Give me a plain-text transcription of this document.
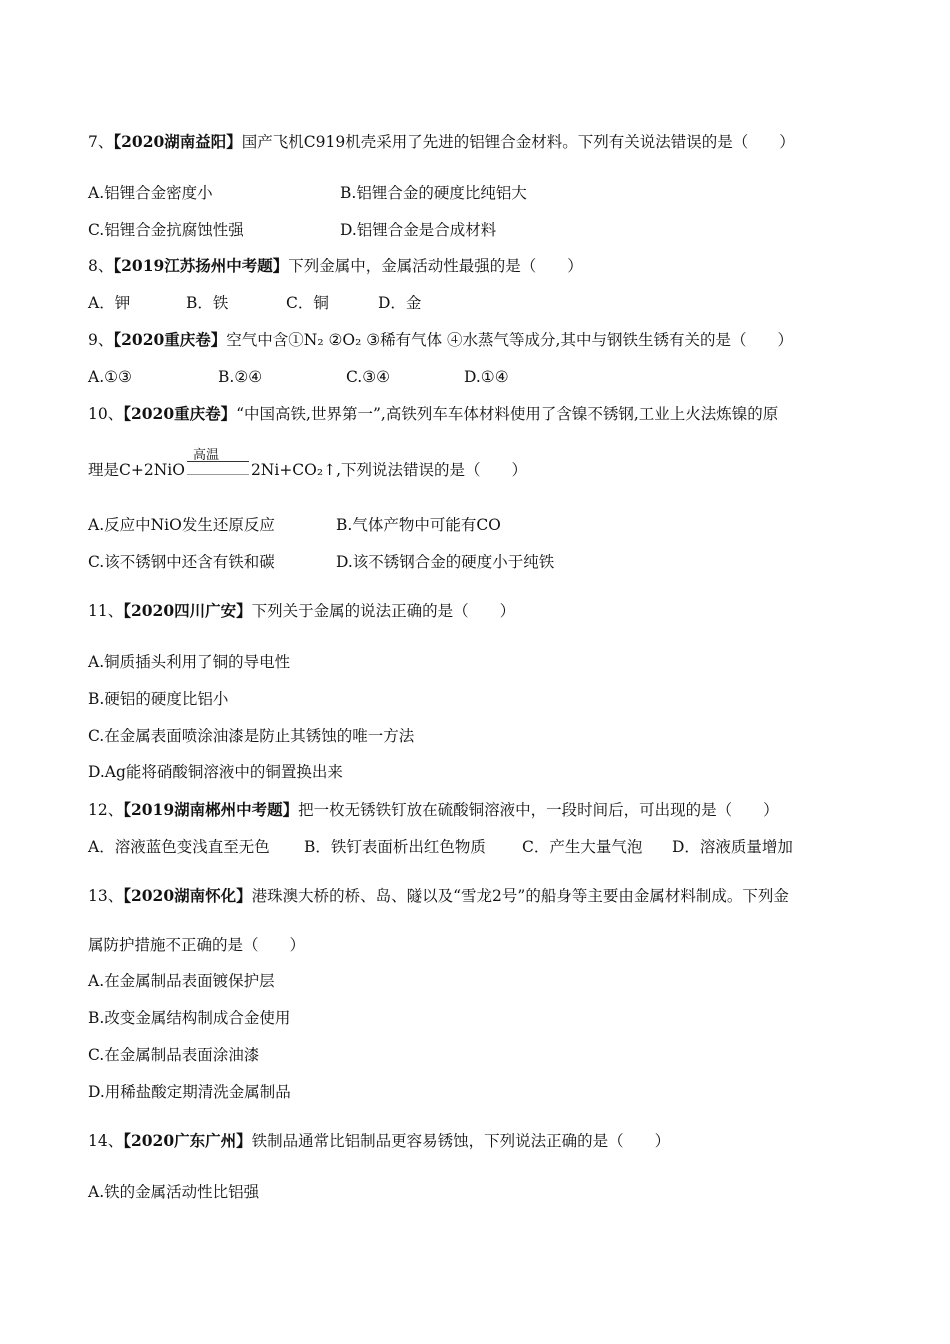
7、【2020湖南益阳】国产飞机C919机壳采用了先进的铝锂合金材料。下列有关说法错误的是（　　）
A.铝锂合金密度小	B.铝锂合金的硬度比纯铝大
C.铝锂合金抗腐蚀性强	D.铝锂合金是合成材料
8、【2019江苏扬州中考题】下列金属中，金属活动性最强的是（　　）
A．钾	B．铁	C．铜	D．金
9、【2020重庆卷】空气中含①N₂ ②O₂ ③稀有气体 ④水蒸气等成分,其中与钢铁生锈有关的是（　　）
A.①③	B.②④	C.③④	D.①④
10、【2020重庆卷】“中国高铁,世界第一”,高铁列车车体材料使用了含镍不锈钢,工业上火法炼镍的原
理是C+2NiO
高温
2Ni+CO₂↑,下列说法错误的是（　　）
A.反应中NiO发生还原反应	B.气体产物中可能有CO
C.该不锈钢中还含有铁和碳	D.该不锈钢合金的硬度小于纯铁
11、【2020四川广安】下列关于金属的说法正确的是（　　）
A.铜质插头利用了铜的导电性
B.硬铝的硬度比铝小
C.在金属表面喷涂油漆是防止其锈蚀的唯一方法
D.Ag能将硝酸铜溶液中的铜置换出来
12、【2019湖南郴州中考题】把一枚无锈铁钉放在硫酸铜溶液中，一段时间后，可出现的是（　　）
A．溶液蓝色变浅直至无色 B．铁钉表面析出红色物质 C．产生大量气泡 D．溶液质量增加
13、【2020湖南怀化】港珠澳大桥的桥、岛、隧以及“雪龙2号”的船身等主要由金属材料制成。下列金
属防护措施不正确的是（　　）
A.在金属制品表面镀保护层
B.改变金属结构制成合金使用
C.在金属制品表面涂油漆
D.用稀盐酸定期清洗金属制品
14、【2020广东广州】铁制品通常比铝制品更容易锈蚀，下列说法正确的是（　　）
A.铁的金属活动性比铝强
